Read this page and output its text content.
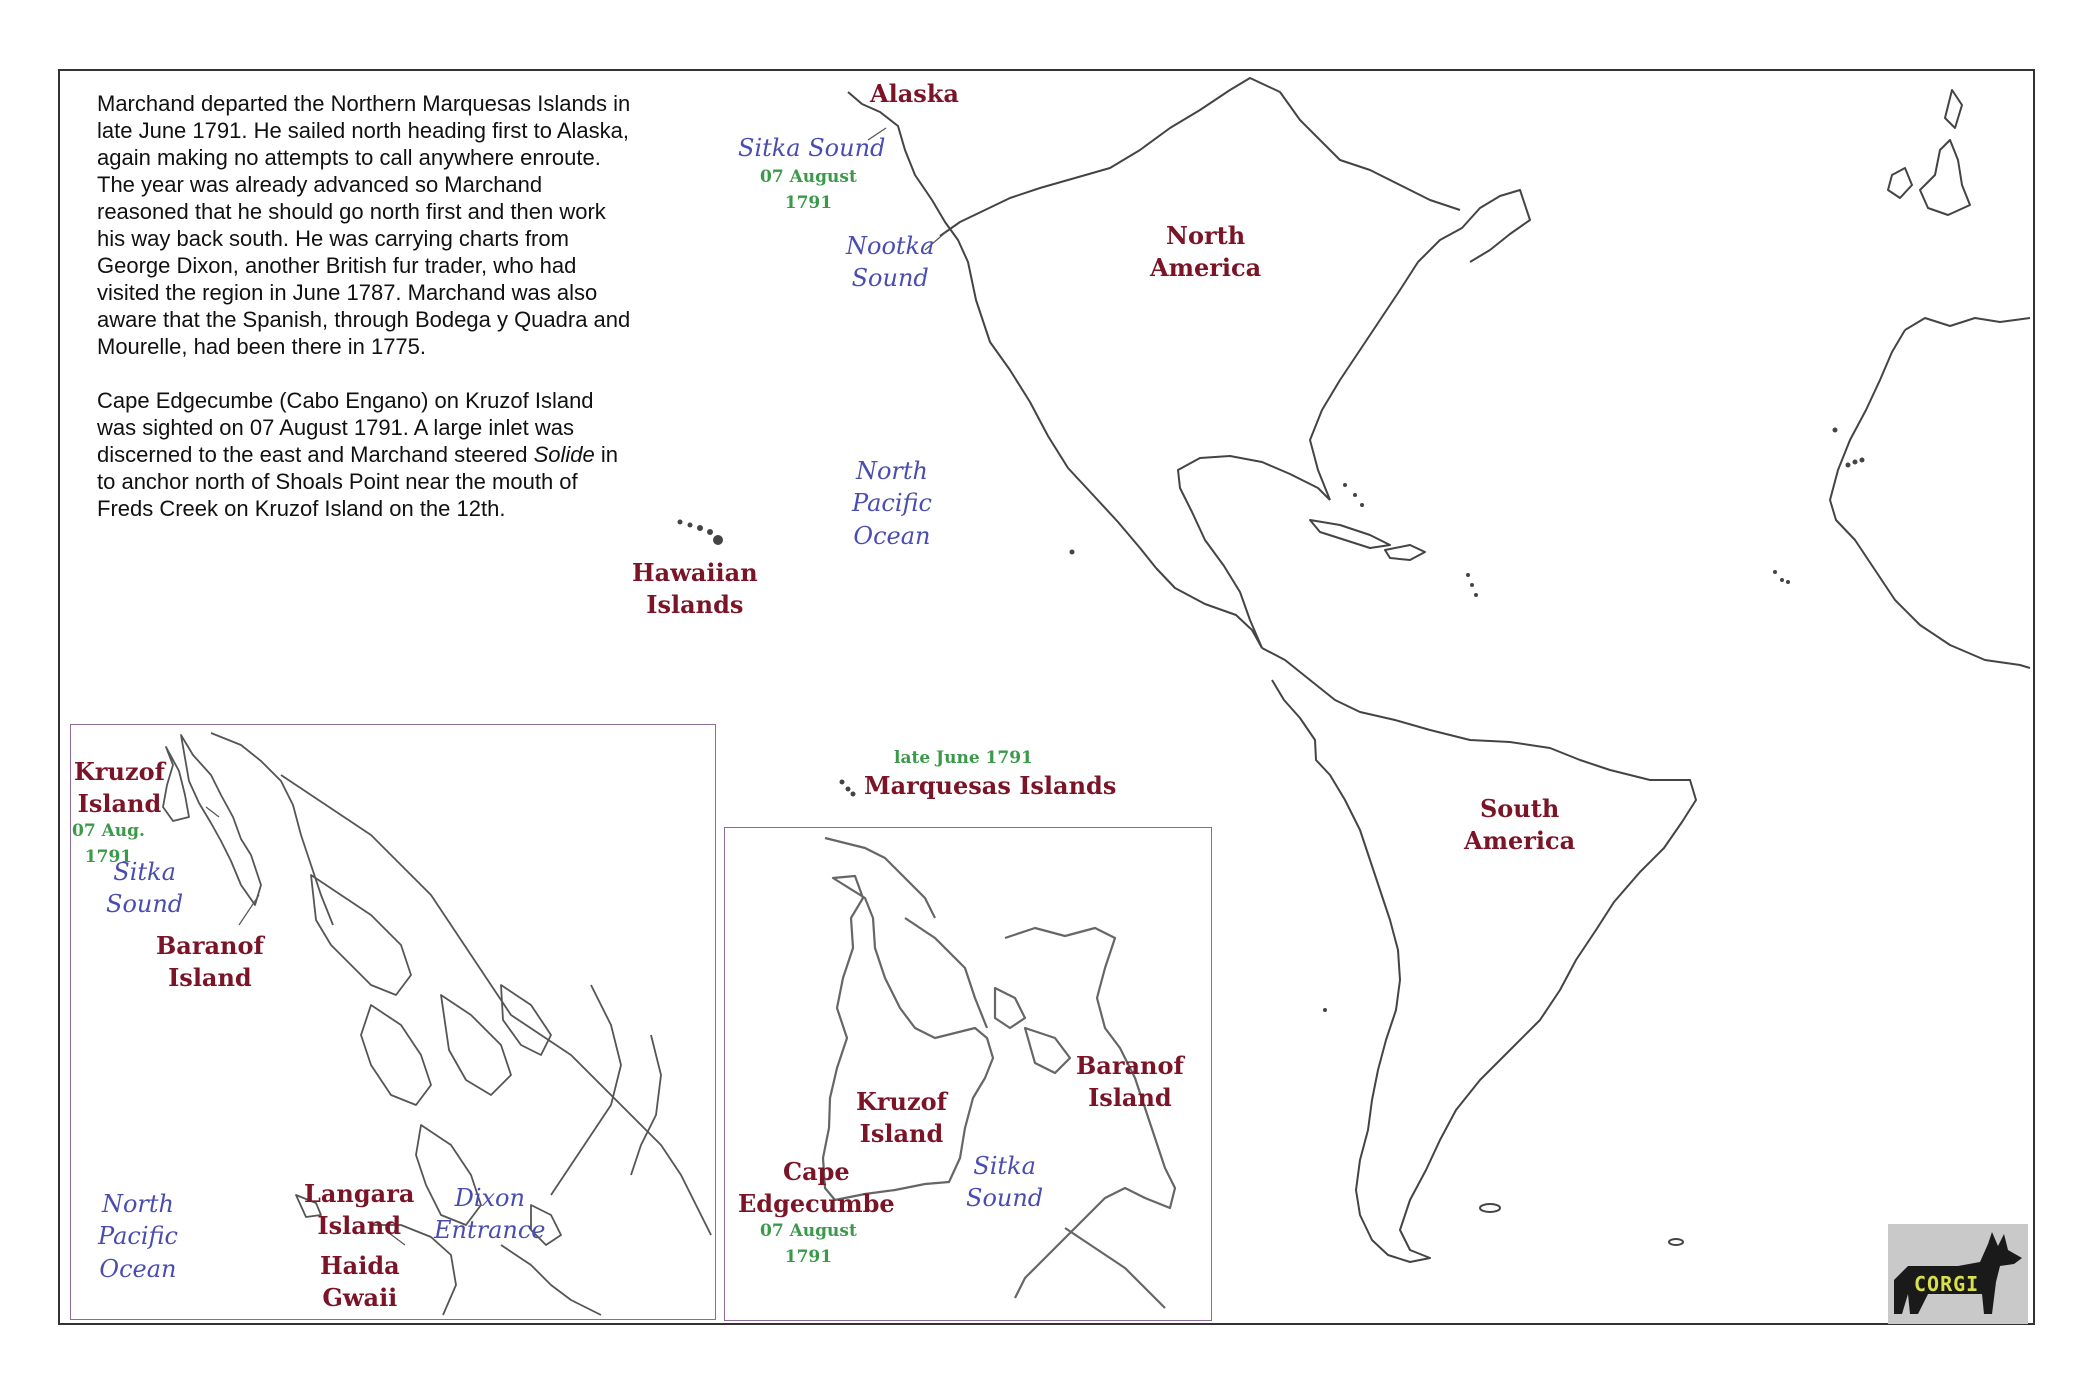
Marchand departed the Northern Marquesas Islands in late June 1791. He sailed north heading first to Alaska, again making no attempts to call anywhere enroute. The year was already advanced so Marchand reasoned that he should go north first and then work his way back south. He was carrying charts from George Dixon, another British fur trader, who had visited the region in June 1787. Marchand was also aware that the Spanish, through Bodega y Quadra and Mourelle, had been there in 1775.

Cape Edgecumbe (Cabo Engano) on Kruzof Island was sighted on 07 August 1791. A large inlet was discerned to the east and Marchand steered Solide in to anchor north of Shoals Point near the mouth of Freds Creek on Kruzof Island on the 12th.

Alaska
Sitka Sound
07 August
1791
Nootka
Sound
North
America
North
Pacific
Ocean
Hawaiian
Islands
late June 1791
Marquesas Islands
South
America
Kruzof
Island
07 Aug.
1791
Sitka
Sound
Baranof
Island
North
Pacific
Ocean
Langara
Island
Dixon
Entrance
Haida
Gwaii
Baranof
Island
Kruzof
Island
Cape
Edgecumbe
07 August
1791
Sitka
Sound
CORGI
